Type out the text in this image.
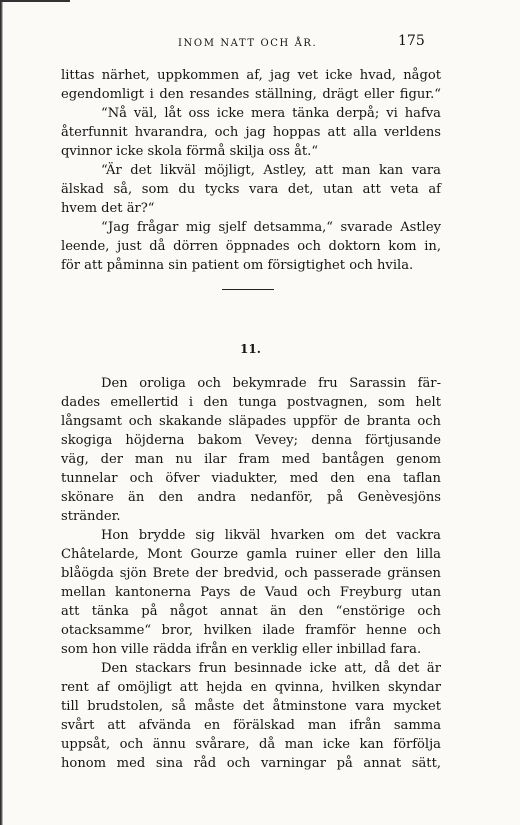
INOM NATT OCH ÅR.	175
littas närhet, uppkommen af, jag vet icke hvad, något
egendomligt i den resandes ställning, drägt eller figur.“
“Nå väl, låt oss icke mera tänka derpå; vi hafva
återfunnit hvarandra, och jag hoppas att alla verldens
qvinnor icke skola förmå skilja oss åt.“
“Är det likväl möjligt, Astley, att man kan vara
älskad så, som du tycks vara det, utan att veta af
hvem det är?“
“Jag frågar mig sjelf detsamma,“ svarade Astley
leende, just då dörren öppnades och doktorn kom in,
för att påminna sin patient om försigtighet och hvila.
11.
Den oroliga och bekymrade fru Sarassin fär-
dades emellertid i den tunga postvagnen, som helt
långsamt och skakande släpades uppför de branta och
skogiga höjderna bakom Vevey; denna förtjusande
väg, der man nu ilar fram med bantågen genom
tunnelar och öfver viadukter, med den ena taflan
skönare än den andra nedanför, på Genèvesjöns
stränder.
Hon brydde sig likväl hvarken om det vackra
Châtelarde, Mont Gourze gamla ruiner eller den lilla
blåögda sjön Brete der bredvid, och passerade gränsen
mellan kantonerna Pays de Vaud och Freyburg utan
att tänka på något annat än den “enstörige och
otacksamme“ bror, hvilken ilade framför henne och
som hon ville rädda ifrån en verklig eller inbillad fara.
Den stackars frun besinnade icke att, då det är
rent af omöjligt att hejda en qvinna, hvilken skyndar
till brudstolen, så måste det åtminstone vara mycket
svårt att afvända en förälskad man ifrån samma
uppsåt, och ännu svårare, då man icke kan förfölja
honom med sina råd och varningar på annat sätt,
